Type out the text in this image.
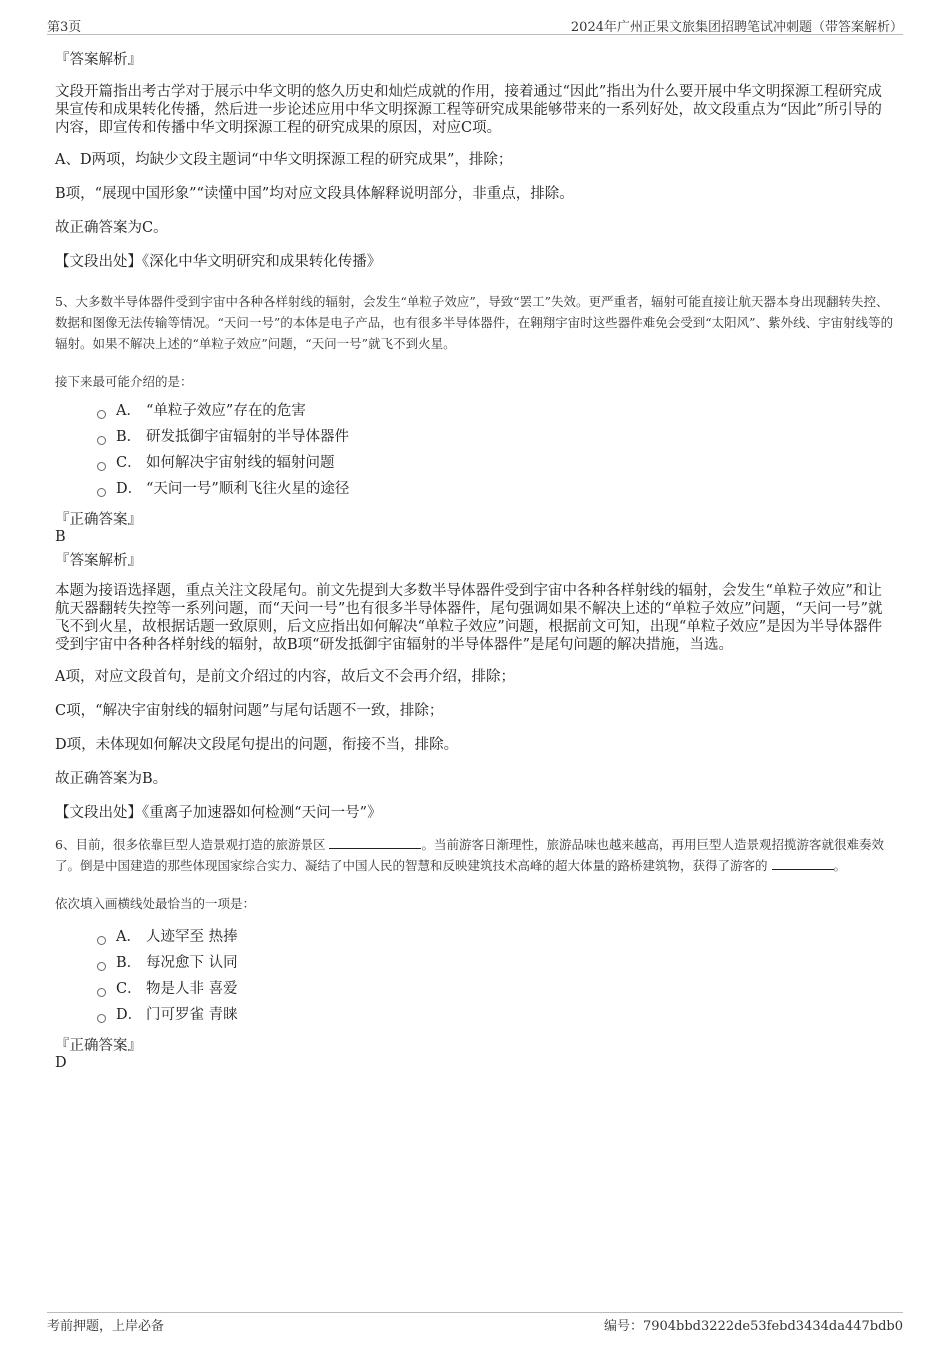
第3页	2024年广州正果文旅集团招聘笔试冲刺题（带答案解析）
『答案解析』

文段开篇指出考古学对于展示中华文明的悠久历史和灿烂成就的作用，接着通过“因此”指出为什么要开展中华文明探源工程研究成果宣传和成果转化传播，然后进一步论述应用中华文明探源工程等研究成果能够带来的一系列好处，故文段重点为“因此”所引导的内容，即宣传和传播中华文明探源工程的研究成果的原因，对应C项。

A、D两项，均缺少文段主题词“中华文明探源工程的研究成果”，排除；

B项，“展现中国形象”“读懂中国”均对应文段具体解释说明部分，非重点，排除。

故正确答案为C。

【文段出处】《深化中华文明研究和成果转化传播》

5、大多数半导体器件受到宇宙中各种各样射线的辐射，会发生“单粒子效应”，导致“罢工”失效。更严重者，辐射可能直接让航天器本身出现翻转失控、数据和图像无法传输等情况。“天问一号”的本体是电子产品，也有很多半导体器件，在翱翔宇宙时这些器件难免会受到“太阳风”、紫外线、宇宙射线等的辐射。如果不解决上述的“单粒子效应”问题，“天问一号”就飞不到火星。

接下来最可能介绍的是：

A． “单粒子效应”存在的危害
B． 研发抵御宇宙辐射的半导体器件
C． 如何解决宇宙射线的辐射问题
D． “天问一号”顺利飞往火星的途径
『正确答案』
B
『答案解析』

本题为接语选择题，重点关注文段尾句。前文先提到大多数半导体器件受到宇宙中各种各样射线的辐射，会发生“单粒子效应”和让航天器翻转失控等一系列问题，而“天问一号”也有很多半导体器件，尾句强调如果不解决上述的“单粒子效应”问题，“天问一号”就飞不到火星，故根据话题一致原则，后文应指出如何解决“单粒子效应”问题，根据前文可知，出现“单粒子效应”是因为半导体器件受到宇宙中各种各样射线的辐射，故B项“研发抵御宇宙辐射的半导体器件”是尾句问题的解决措施，当选。

A项，对应文段首句，是前文介绍过的内容，故后文不会再介绍，排除；

C项，“解决宇宙射线的辐射问题”与尾句话题不一致，排除；

D项，未体现如何解决文段尾句提出的问题，衔接不当，排除。

故正确答案为B。

【文段出处】《重离子加速器如何检测“天问一号”》

6、目前，很多依靠巨型人造景观打造的旅游景区	。当前游客日渐理性，旅游品味也越来越高，再用巨型人造景观招揽游客就很难奏效了。倒是中国建造的那些体现国家综合实力、凝结了中国人民的智慧和反映建筑技术高峰的超大体量的路桥建筑物，获得了游客的	。

依次填入画横线处最恰当的一项是：

A． 人迹罕至 热捧
B． 每况愈下 认同
C． 物是人非 喜爱
D． 门可罗雀 青睐
『正确答案』
D
考前押题，上岸必备	编号：7904bbd3222de53febd3434da447bdb0
